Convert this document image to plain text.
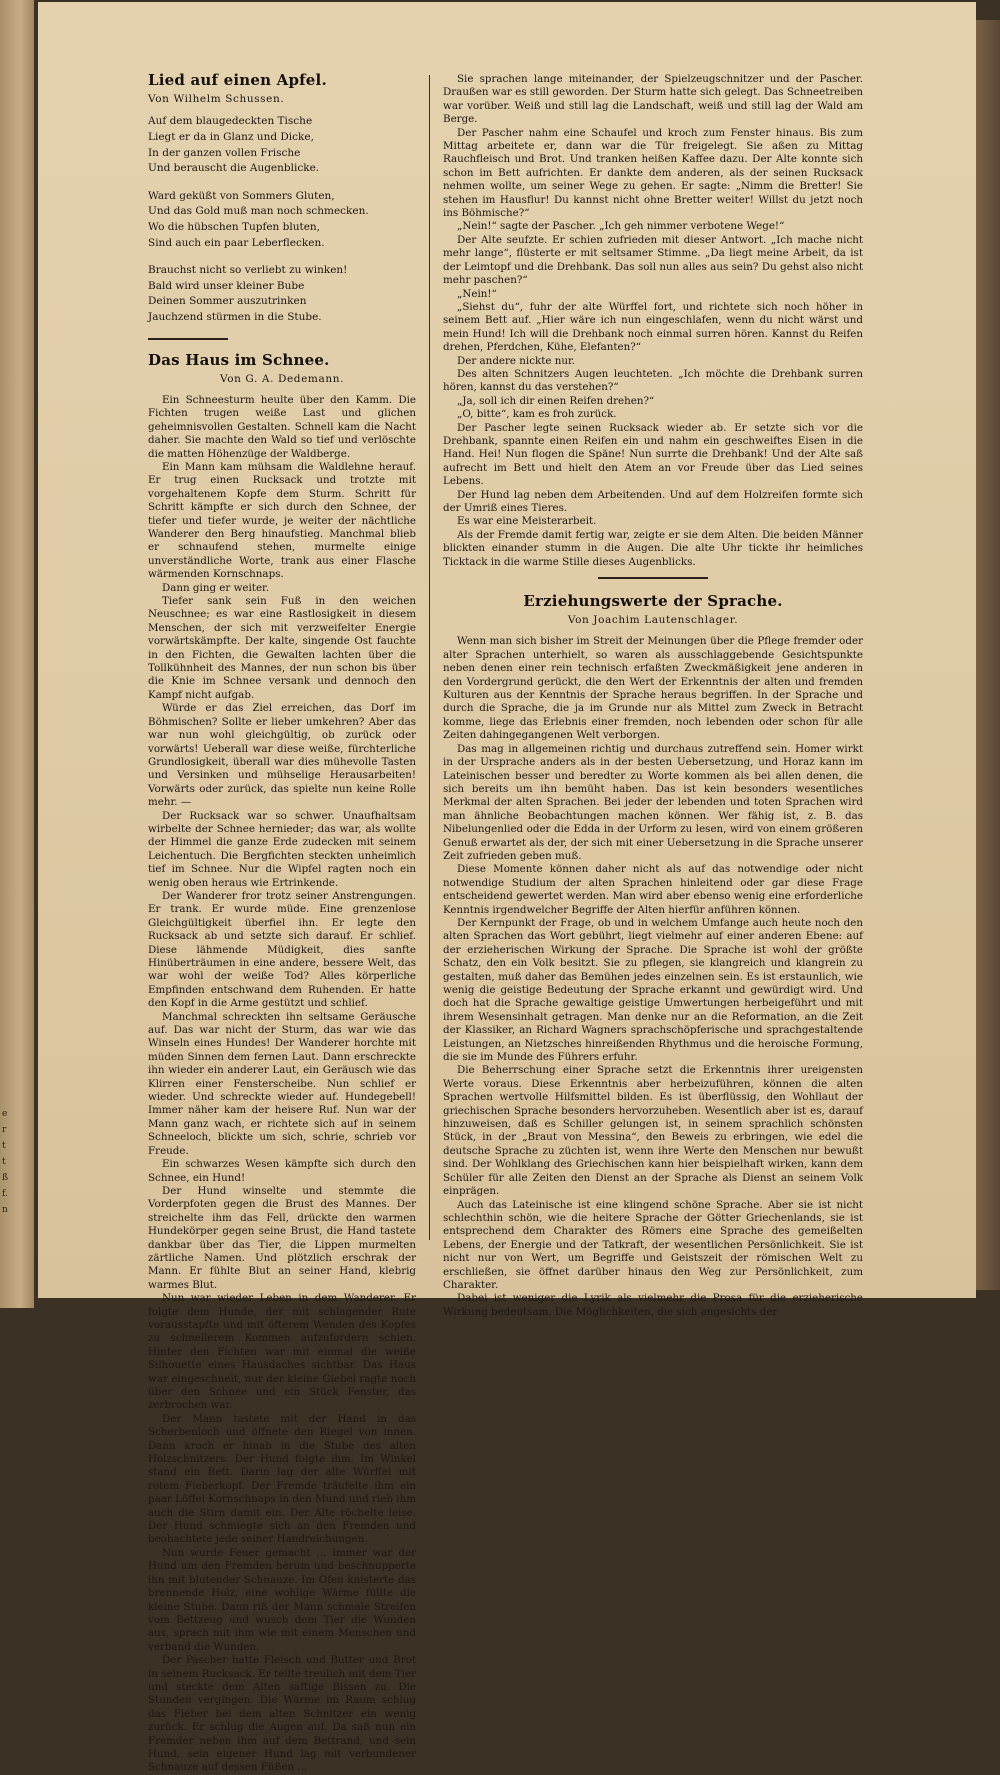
e
r
t
t
ß
f.
n
Lied auf einen Apfel.
Von Wilhelm Schussen.
Auf dem blaugedeckten Tische
Liegt er da in Glanz und Dicke,
In der ganzen vollen Frische
Und berauscht die Augenblicke.
Ward geküßt von Sommers Gluten,
Und das Gold muß man noch schmecken.
Wo die hübschen Tupfen bluten,
Sind auch ein paar Leberflecken.
Brauchst nicht so verliebt zu winken!
Bald wird unser kleiner Bube
Deinen Sommer auszutrinken
Jauchzend stürmen in die Stube.
Das Haus im Schnee.
Von G. A. Dedemann.

Ein Schneesturm heulte über den Kamm. Die Fichten trugen weiße Last und glichen geheimnisvollen Gestalten. Schnell kam die Nacht daher. Sie machte den Wald so tief und verlöschte die matten Höhenzüge der Waldberge.

Ein Mann kam mühsam die Waldlehne herauf. Er trug einen Rucksack und trotzte mit vorgehaltenem Kopfe dem Sturm. Schritt für Schritt kämpfte er sich durch den Schnee, der tiefer und tiefer wurde, je weiter der nächtliche Wanderer den Berg hinaufstieg. Manchmal blieb er schnaufend stehen, murmelte einige unverständliche Worte, trank aus einer Flasche wärmenden Kornschnaps.

Dann ging er weiter.

Tiefer sank sein Fuß in den weichen Neuschnee; es war eine Rastlosigkeit in diesem Menschen, der sich mit verzweifelter Energie vorwärtskämpfte. Der kalte, singende Ost fauchte in den Fichten, die Gewalten lachten über die Tollkühnheit des Mannes, der nun schon bis über die Knie im Schnee versank und dennoch den Kampf nicht aufgab.

Würde er das Ziel erreichen, das Dorf im Böhmischen? Sollte er lieber umkehren? Aber das war nun wohl gleichgültig, ob zurück oder vorwärts! Ueberall war diese weiße, fürchterliche Grundlosigkeit, überall war dies mühevolle Tasten und Versinken und mühselige Herausarbeiten! Vorwärts oder zurück, das spielte nun keine Rolle mehr. —

Der Rucksack war so schwer. Unaufhaltsam wirbelte der Schnee hernieder; das war, als wollte der Himmel die ganze Erde zudecken mit seinem Leichentuch. Die Bergfichten steckten unheimlich tief im Schnee. Nur die Wipfel ragten noch ein wenig oben heraus wie Ertrinkende.

Der Wanderer fror trotz seiner Anstrengungen. Er trank. Er wurde müde. Eine grenzenlose Gleichgültigkeit überfiel ihn. Er legte den Rucksack ab und setzte sich darauf. Er schlief. Diese lähmende Müdigkeit, dies sanfte Hinüberträumen in eine andere, bessere Welt, das war wohl der weiße Tod? Alles körperliche Empfinden entschwand dem Ruhenden. Er hatte den Kopf in die Arme gestützt und schlief.

Manchmal schreckten ihn seltsame Geräusche auf. Das war nicht der Sturm, das war wie das Winseln eines Hundes! Der Wanderer horchte mit müden Sinnen dem fernen Laut. Dann erschreckte ihn wieder ein anderer Laut, ein Geräusch wie das Klirren einer Fensterscheibe. Nun schlief er wieder. Und schreckte wieder auf. Hundegebell! Immer näher kam der heisere Ruf. Nun war der Mann ganz wach, er richtete sich auf in seinem Schneeloch, blickte um sich, schrie, schrieb vor Freude.

Ein schwarzes Wesen kämpfte sich durch den Schnee, ein Hund!

Der Hund winselte und stemmte die Vorderpfoten gegen die Brust des Mannes. Der streichelte ihm das Fell, drückte den warmen Hundekörper gegen seine Brust, die Hand tastete dankbar über das Tier, die Lippen murmelten zärtliche Namen. Und plötzlich erschrak der Mann. Er fühlte Blut an seiner Hand, klebrig warmes Blut.

Nun war wieder Leben in dem Wanderer. Er folgte dem Hunde, der mit schlagender Rute vorausstapfte und mit öfterem Wenden des Kopfes zu schnellerem Kommen aufzufordern schien. Hinter den Fichten war mit einmal die weiße Silhouette eines Hausdaches sichtbar. Das Haus war eingeschneit, nur der kleine Giebel ragte noch über den Schnee und ein Stück Fenster, das zerbrochen war.

Der Mann tastete mit der Hand in das Scherbenloch und öffnete den Riegel von innen. Dann kroch er hinab in die Stube des alten Holzschnitzers. Der Hund folgte ihm. Im Winkel stand ein Bett. Darin lag der alte Würffel mit rotem Fieberkopf. Der Fremde träufelte ihm ein paar Löffel Kornschnaps in den Mund und rieb ihm auch die Stirn damit ein. Der Alte röchelte leise. Der Hund schmiegte sich an den Fremden und beobachtete jede seiner Handreichungen.

Nun wurde Feuer gemacht ... Immer war der Hund um den Fremden herum und beschnupperte ihn mit blutender Schnauze. Im Ofen knisterte das brennende Holz, eine wohlige Wärme füllte die kleine Stube. Dann riß der Mann schmale Streifen vom Bettzeug und wusch dem Tier die Wunden aus, sprach mit ihm wie mit einem Menschen und verband die Wunden.

Der Pascher hatte Fleisch und Butter und Brot in seinem Rucksack. Er teilte treulich mit dem Tier und steckte dem Alten saftige Bissen zu. Die Stunden vergingen. Die Wärme im Raum schlug das Fieber bei dem alten Schnitzer ein wenig zurück. Er schlug die Augen auf. Da saß nun ein Fremder neben ihm auf dem Bettrand, und sein Hund, sein eigener Hund lag mit verbundener Schnauze auf dessen Füßen ...

Sie sprachen lange miteinander, der Spielzeugschnitzer und der Pascher. Draußen war es still geworden. Der Sturm hatte sich gelegt. Das Schneetreiben war vorüber. Weiß und still lag die Landschaft, weiß und still lag der Wald am Berge.

Der Pascher nahm eine Schaufel und kroch zum Fenster hinaus. Bis zum Mittag arbeitete er, dann war die Tür freigelegt. Sie aßen zu Mittag Rauchfleisch und Brot. Und tranken heißen Kaffee dazu. Der Alte konnte sich schon im Bett aufrichten. Er dankte dem anderen, als der seinen Rucksack nehmen wollte, um seiner Wege zu gehen. Er sagte: „Nimm die Bretter! Sie stehen im Hausflur! Du kannst nicht ohne Bretter weiter! Willst du jetzt noch ins Böhmische?“

„Nein!“ sagte der Pascher. „Ich geh nimmer verbotene Wege!“

Der Alte seufzte. Er schien zufrieden mit dieser Antwort. „Ich mache nicht mehr lange“, flüsterte er mit seltsamer Stimme. „Da liegt meine Arbeit, da ist der Leimtopf und die Drehbank. Das soll nun alles aus sein? Du gehst also nicht mehr paschen?“

„Nein!“

„Siehst du“, fuhr der alte Würffel fort, und richtete sich noch höher in seinem Bett auf. „Hier wäre ich nun eingeschlafen, wenn du nicht wärst und mein Hund! Ich will die Drehbank noch einmal surren hören. Kannst du Reifen drehen, Pferdchen, Kühe, Elefanten?“

Der andere nickte nur.

Des alten Schnitzers Augen leuchteten. „Ich möchte die Drehbank surren hören, kannst du das verstehen?“

„Ja, soll ich dir einen Reifen drehen?“

„O, bitte“, kam es froh zurück.

Der Pascher legte seinen Rucksack wieder ab. Er setzte sich vor die Drehbank, spannte einen Reifen ein und nahm ein geschweiftes Eisen in die Hand. Hei! Nun flogen die Späne! Nun surrte die Drehbank! Und der Alte saß aufrecht im Bett und hielt den Atem an vor Freude über das Lied seines Lebens.

Der Hund lag neben dem Arbeitenden. Und auf dem Holzreifen formte sich der Umriß eines Tieres.

Es war eine Meisterarbeit.

Als der Fremde damit fertig war, zeigte er sie dem Alten. Die beiden Männer blickten einander stumm in die Augen. Die alte Uhr tickte ihr heimliches Ticktack in die warme Stille dieses Augenblicks.

Erziehungswerte der Sprache.
Von Joachim Lautenschlager.

Wenn man sich bisher im Streit der Meinungen über die Pflege fremder oder alter Sprachen unterhielt, so waren als ausschlaggebende Gesichtspunkte neben denen einer rein technisch erfaßten Zweckmäßigkeit jene anderen in den Vordergrund gerückt, die den Wert der Erkenntnis der alten und fremden Kulturen aus der Kenntnis der Sprache heraus begriffen. In der Sprache und durch die Sprache, die ja im Grunde nur als Mittel zum Zweck in Betracht komme, liege das Erlebnis einer fremden, noch lebenden oder schon für alle Zeiten dahingegangenen Welt verborgen.

Das mag in allgemeinen richtig und durchaus zutreffend sein. Homer wirkt in der Ursprache anders als in der besten Uebersetzung, und Horaz kann im Lateinischen besser und beredter zu Worte kommen als bei allen denen, die sich bereits um ihn bemüht haben. Das ist kein besonders wesentliches Merkmal der alten Sprachen. Bei jeder der lebenden und toten Sprachen wird man ähnliche Beobachtungen machen können. Wer fähig ist, z. B. das Nibelungenlied oder die Edda in der Urform zu lesen, wird von einem größeren Genuß erwartet als der, der sich mit einer Uebersetzung in die Sprache unserer Zeit zufrieden geben muß.

Diese Momente können daher nicht als auf das notwendige oder nicht notwendige Studium der alten Sprachen hinleitend oder gar diese Frage entscheidend gewertet werden. Man wird aber ebenso wenig eine erforderliche Kenntnis irgendwelcher Begriffe der Alten hierfür anführen können.

Der Kernpunkt der Frage, ob und in welchem Umfange auch heute noch den alten Sprachen das Wort gebührt, liegt vielmehr auf einer anderen Ebene: auf der erzieherischen Wirkung der Sprache. Die Sprache ist wohl der größte Schatz, den ein Volk besitzt. Sie zu pflegen, sie klangreich und klangrein zu gestalten, muß daher das Bemühen jedes einzelnen sein. Es ist erstaunlich, wie wenig die geistige Bedeutung der Sprache erkannt und gewürdigt wird. Und doch hat die Sprache gewaltige geistige Umwertungen herbeigeführt und mit ihrem Wesensinhalt getragen. Man denke nur an die Reformation, an die Zeit der Klassiker, an Richard Wagners sprachschöpferische und sprachgestaltende Leistungen, an Nietzsches hinreißenden Rhythmus und die heroische Formung, die sie im Munde des Führers erfuhr.

Die Beherrschung einer Sprache setzt die Erkenntnis ihrer ureigensten Werte voraus. Diese Erkenntnis aber herbeizuführen, können die alten Sprachen wertvolle Hilfsmittel bilden. Es ist überflüssig, den Wohllaut der griechischen Sprache besonders hervorzuheben. Wesentlich aber ist es, darauf hinzuweisen, daß es Schiller gelungen ist, in seinem sprachlich schönsten Stück, in der „Braut von Messina“, den Beweis zu erbringen, wie edel die deutsche Sprache zu züchten ist, wenn ihre Werte den Menschen nur bewußt sind. Der Wohlklang des Griechischen kann hier beispielhaft wirken, kann dem Schüler für alle Zeiten den Dienst an der Sprache als Dienst an seinem Volk einprägen.

Auch das Lateinische ist eine klingend schöne Sprache. Aber sie ist nicht schlechthin schön, wie die heitere Sprache der Götter Griechenlands, sie ist entsprechend dem Charakter des Römers eine Sprache des gemeißelten Lebens, der Energie und der Tatkraft, der wesentlichen Persönlichkeit. Sie ist nicht nur von Wert, um Begriffe und Geistszeit der römischen Welt zu erschließen, sie öffnet darüber hinaus den Weg zur Persönlichkeit, zum Charakter.

Dabei ist weniger die Lyrik als vielmehr die Prosa für die erzieherische Wirkung bedeutsam. Die Möglichkeiten, die sich angesichts der
